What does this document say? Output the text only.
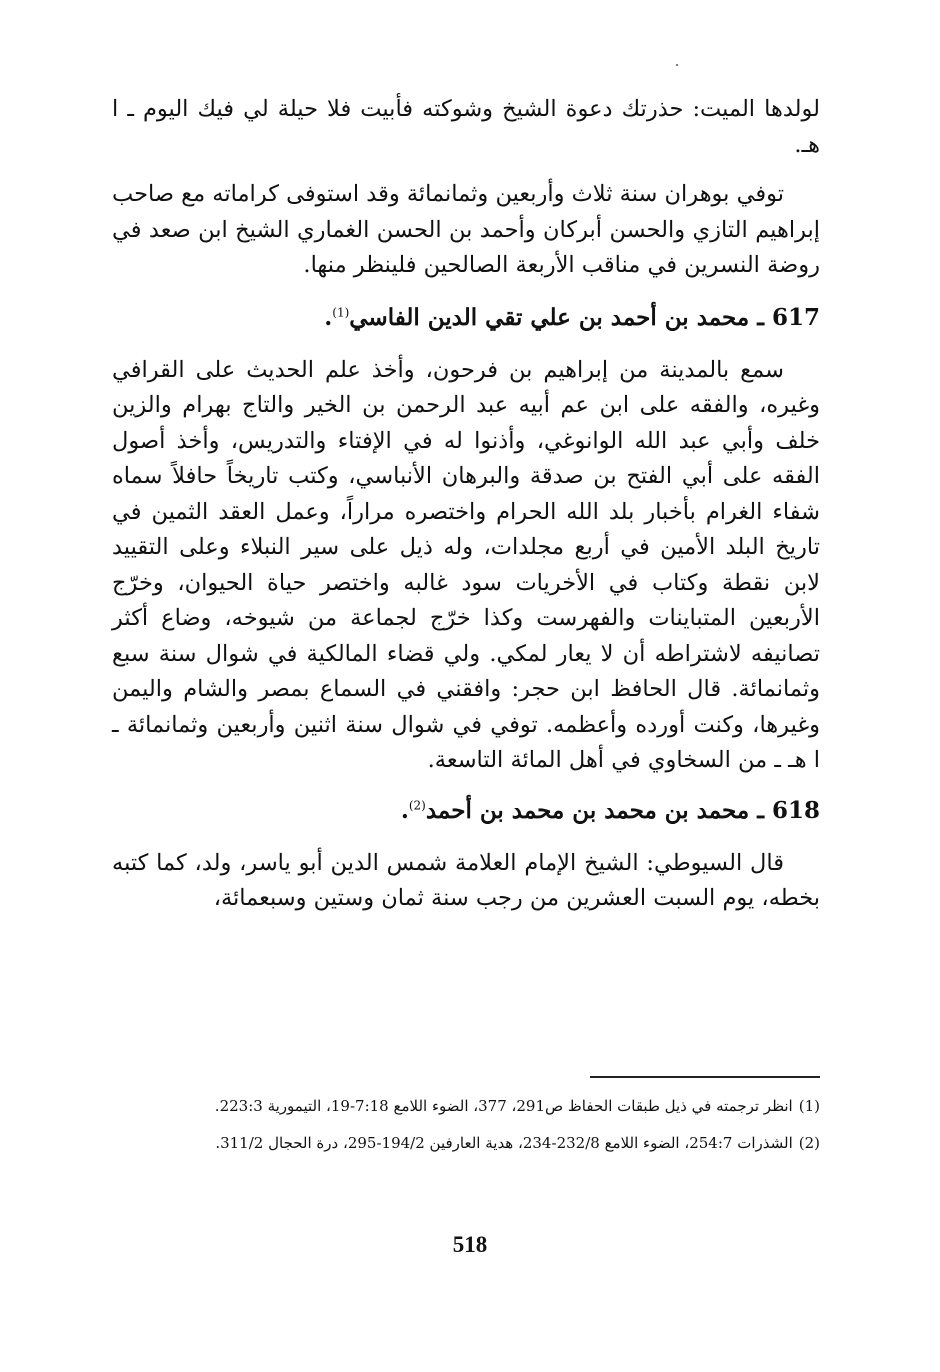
لولدها الميت: حذرتك دعوة الشيخ وشوكته فأبيت فلا حيلة لي فيك اليوم ـ ا هـ.

توفي بوهران سنة ثلاث وأربعين وثمانمائة وقد استوفى كراماته مع صاحب إبراهيم التازي والحسن أبركان وأحمد بن الحسن الغماري الشيخ ابن صعد في روضة النسرين في مناقب الأربعة الصالحين فلينظر منها.

617 ـ محمد بن أحمد بن علي تقي الدين الفاسي$^{(1)}$.

سمع بالمدينة من إبراهيم بن فرحون، وأخذ علم الحديث على القرافي وغيره، والفقه على ابن عم أبيه عبد الرحمن بن الخير والتاج بهرام والزين خلف وأبي عبد الله الوانوغي، وأذنوا له في الإفتاء والتدريس، وأخذ أصول الفقه على أبي الفتح بن صدقة والبرهان الأنباسي، وكتب تاريخاً حافلاً سماه شفاء الغرام بأخبار بلد الله الحرام واختصره مراراً، وعمل العقد الثمين في تاريخ البلد الأمين في أربع مجلدات، وله ذيل على سير النبلاء وعلى التقييد لابن نقطة وكتاب في الأخريات سود غالبه واختصر حياة الحيوان، وخرّج الأربعين المتباينات والفهرست وكذا خرّج لجماعة من شيوخه، وضاع أكثر تصانيفه لاشتراطه أن لا يعار لمكي. ولي قضاء المالكية في شوال سنة سبع وثمانمائة. قال الحافظ ابن حجر: وافقني في السماع بمصر والشام واليمن وغيرها، وكنت أورده وأعظمه. توفي في شوال سنة اثنين وأربعين وثمانمائة ـ ا هـ ـ من السخاوي في أهل المائة التاسعة.

618 ـ محمد بن محمد بن محمد بن أحمد$^{(2)}$.

قال السيوطي: الشيخ الإمام العلامة شمس الدين أبو ياسر، ولد، كما كتبه بخطه، يوم السبت العشرين من رجب سنة ثمان وستين وسبعمائة،

(1)انظر ترجمته في ذيل طبقات الحفاظ ص291، 377، الضوء اللامع 7:18-19، التيمورية 223:3.

(2)الشذرات 254:7، الضوء اللامع 232/8-234، هدية العارفين 194/2-295، درة الحجال 311/2.

518
